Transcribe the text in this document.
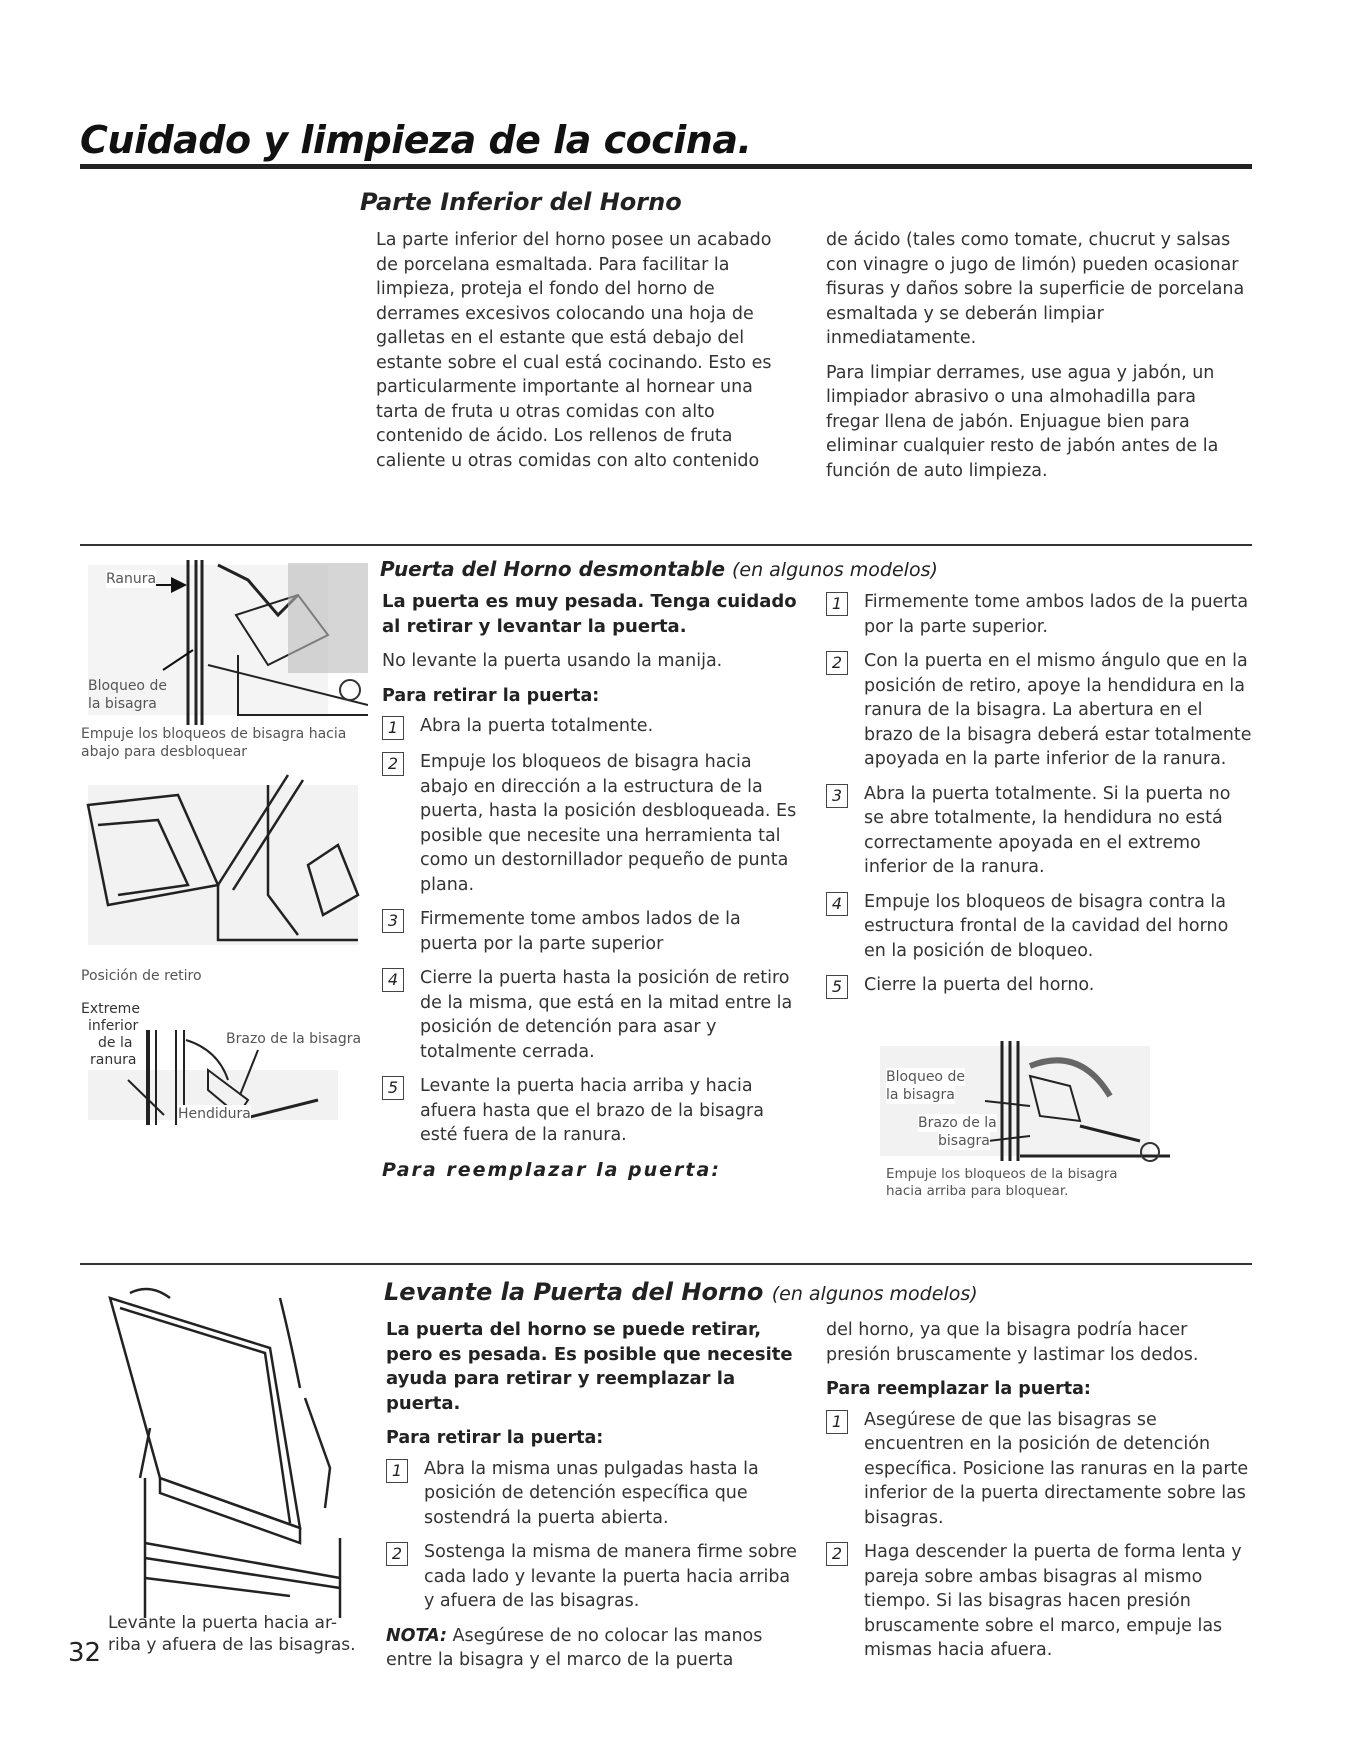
Cuidado y limpieza de la cocina.
Parte Inferior del Horno

La parte inferior del horno posee un acabado de porcelana esmaltada. Para facilitar la limpieza, proteja el fondo del horno de derrames excesivos colocando una hoja de galletas en el estante que está debajo del estante sobre el cual está cocinando. Esto es particularmente importante al hornear una tarta de fruta u otras comidas con alto contenido de ácido. Los rellenos de fruta caliente u otras comidas con alto contenido

de ácido (tales como tomate, chucrut y salsas con vinagre o jugo de limón) pueden ocasionar fisuras y daños sobre la superficie de porcelana esmaltada y se deberán limpiar inmediatamente.

Para limpiar derrames, use agua y jabón, un limpiador abrasivo o una almohadilla para fregar llena de jabón. Enjuague bien para eliminar cualquier resto de jabón antes de la función de auto limpieza.

Ranura
Bloqueo de
la bisagra
Empuje los bloqueos de bisagra hacia abajo para desbloquear
Posición de retiro
Extreme
inferior
de la
ranura
Brazo de la bisagra
Hendidura
Puerta del Horno desmontable (en algunos modelos)

La puerta es muy pesada. Tenga cuidado al retirar y levantar la puerta.

No levante la puerta usando la manija.

Para retirar la puerta:

1	Abra la puerta totalmente.
2	Empuje los bloqueos de bisagra hacia abajo en dirección a la estructura de la puerta, hasta la posición desbloqueada. Es posible que necesite una herramienta tal como un destornillador pequeño de punta plana.
3	Firmemente tome ambos lados de la puerta por la parte superior
4	Cierre la puerta hasta la posición de retiro de la misma, que está en la mitad entre la posición de detención para asar y totalmente cerrada.
5	Levante la puerta hacia arriba y hacia afuera hasta que el brazo de la bisagra esté fuera de la ranura.

Para reemplazar la puerta:

1	Firmemente tome ambos lados de la puerta por la parte superior.
2	Con la puerta en el mismo ángulo que en la posición de retiro, apoye la hendidura en la ranura de la bisagra. La abertura en el brazo de la bisagra deberá estar totalmente apoyada en la parte inferior de la ranura.
3	Abra la puerta totalmente. Si la puerta no se abre totalmente, la hendidura no está correctamente apoyada en el extremo inferior de la ranura.
4	Empuje los bloqueos de bisagra contra la estructura frontal de la cavidad del horno en la posición de bloqueo.
5	Cierre la puerta del horno.
Bloqueo de
la bisagra
Brazo de la
bisagra
Empuje los bloqueos de la bisagra
hacia arriba para bloquear.
Levante la puerta hacia ar-
riba y afuera de las bisagras.
Levante la Puerta del Horno (en algunos modelos)

La puerta del horno se puede retirar, pero es pesada. Es posible que necesite ayuda para retirar y reemplazar la puerta.

Para retirar la puerta:

1	Abra la misma unas pulgadas hasta la posición de detención específica que sostendrá la puerta abierta.
2	Sostenga la misma de manera firme sobre cada lado y levante la puerta hacia arriba y afuera de las bisagras.

NOTA: Asegúrese de no colocar las manos entre la bisagra y el marco de la puerta

del horno, ya que la bisagra podría hacer presión bruscamente y lastimar los dedos.

Para reemplazar la puerta:

1	Asegúrese de que las bisagras se encuentren en la posición de detención específica. Posicione las ranuras en la parte inferior de la puerta directamente sobre las bisagras.
2	Haga descender la puerta de forma lenta y pareja sobre ambas bisagras al mismo tiempo. Si las bisagras hacen presión bruscamente sobre el marco, empuje las mismas hacia afuera.
32
